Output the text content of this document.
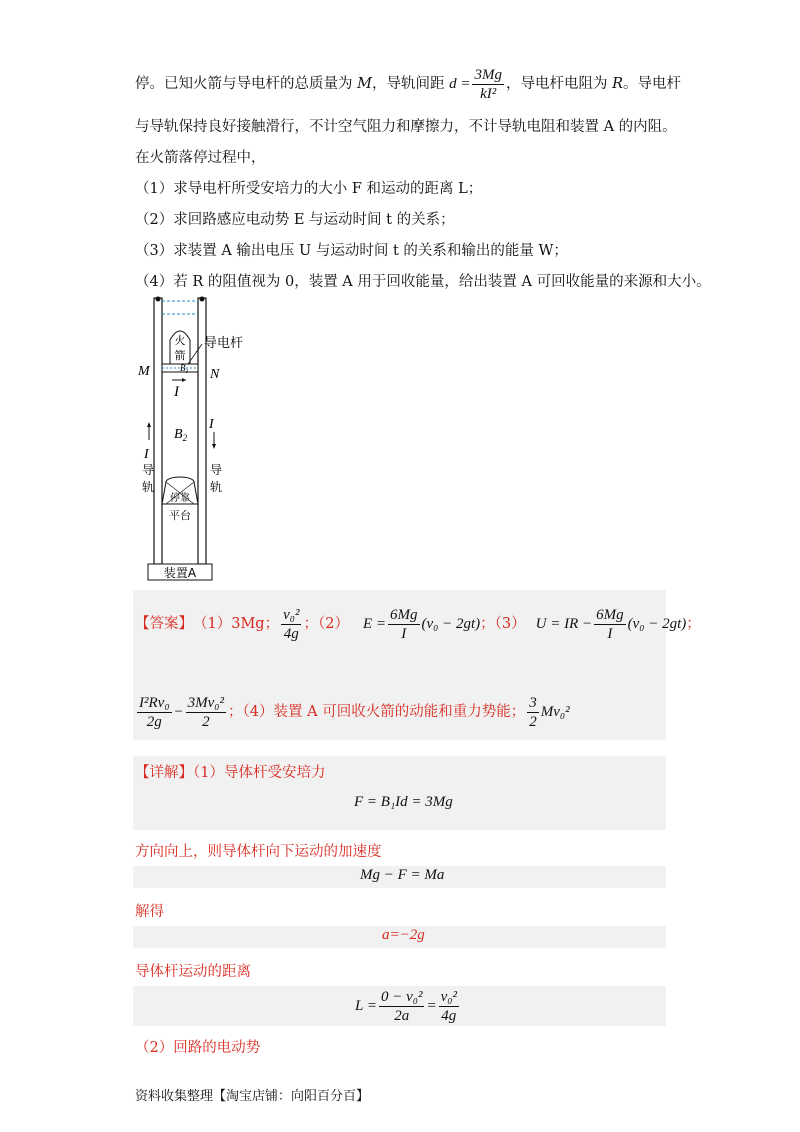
停。已知火箭与导电杆的总质量为 M，导轨间距 $d = \frac{3Mg}{\text{kI²}}$ ，导电杆电阻为 R。导电杆
与导轨保持良好接触滑行，不计空气阻力和摩擦力，不计导轨电阻和装置 A 的内阻。
在火箭落停过程中，
（1）求导电杆所受安培力的大小 F 和运动的距离 L；
（2）求回路感应电动势 E 与运动时间 t 的关系；
（3）求装置 A 输出电压 U 与运动时间 t 的关系和输出的能量 W；
（4）若 R 的阻值视为 0，装置 A 用于回收能量，给出装置 A 可回收能量的来源和大小。
火
箭
$B_1$
导电杆
M	N
I
$B_2$
I
I
导
轨
导
轨
停靠
平台
装置A
【答案】 （1）3Mg； $\frac{\text{v₀²}}{4g}$ ；（2） $E = \frac{6Mg}{I} (v_0 - 2gt)$ ；（3） U = IR − $\frac{6Mg}{I} (v_0 - 2gt)$ ；
$\frac{\text{I²Rv₀}}{2g} - \frac{\text{3Mv₀²}}{2}$ ；（4）装置 A 可回收火箭的动能和重力势能； $\frac{3}{2} Mv_0^2$
【详解】（1）导体杆受安培力
F = B₁Id = 3Mg
方向向上，则导体杆向下运动的加速度
Mg − F = Ma
解得
a=−2g
导体杆运动的距离
$L = \frac{\text{0 − v₀²}}{2a} = \frac{\text{v₀²}}{4g}$
（2）回路的电动势
资料收集整理【淘宝店铺：向阳百分百】
